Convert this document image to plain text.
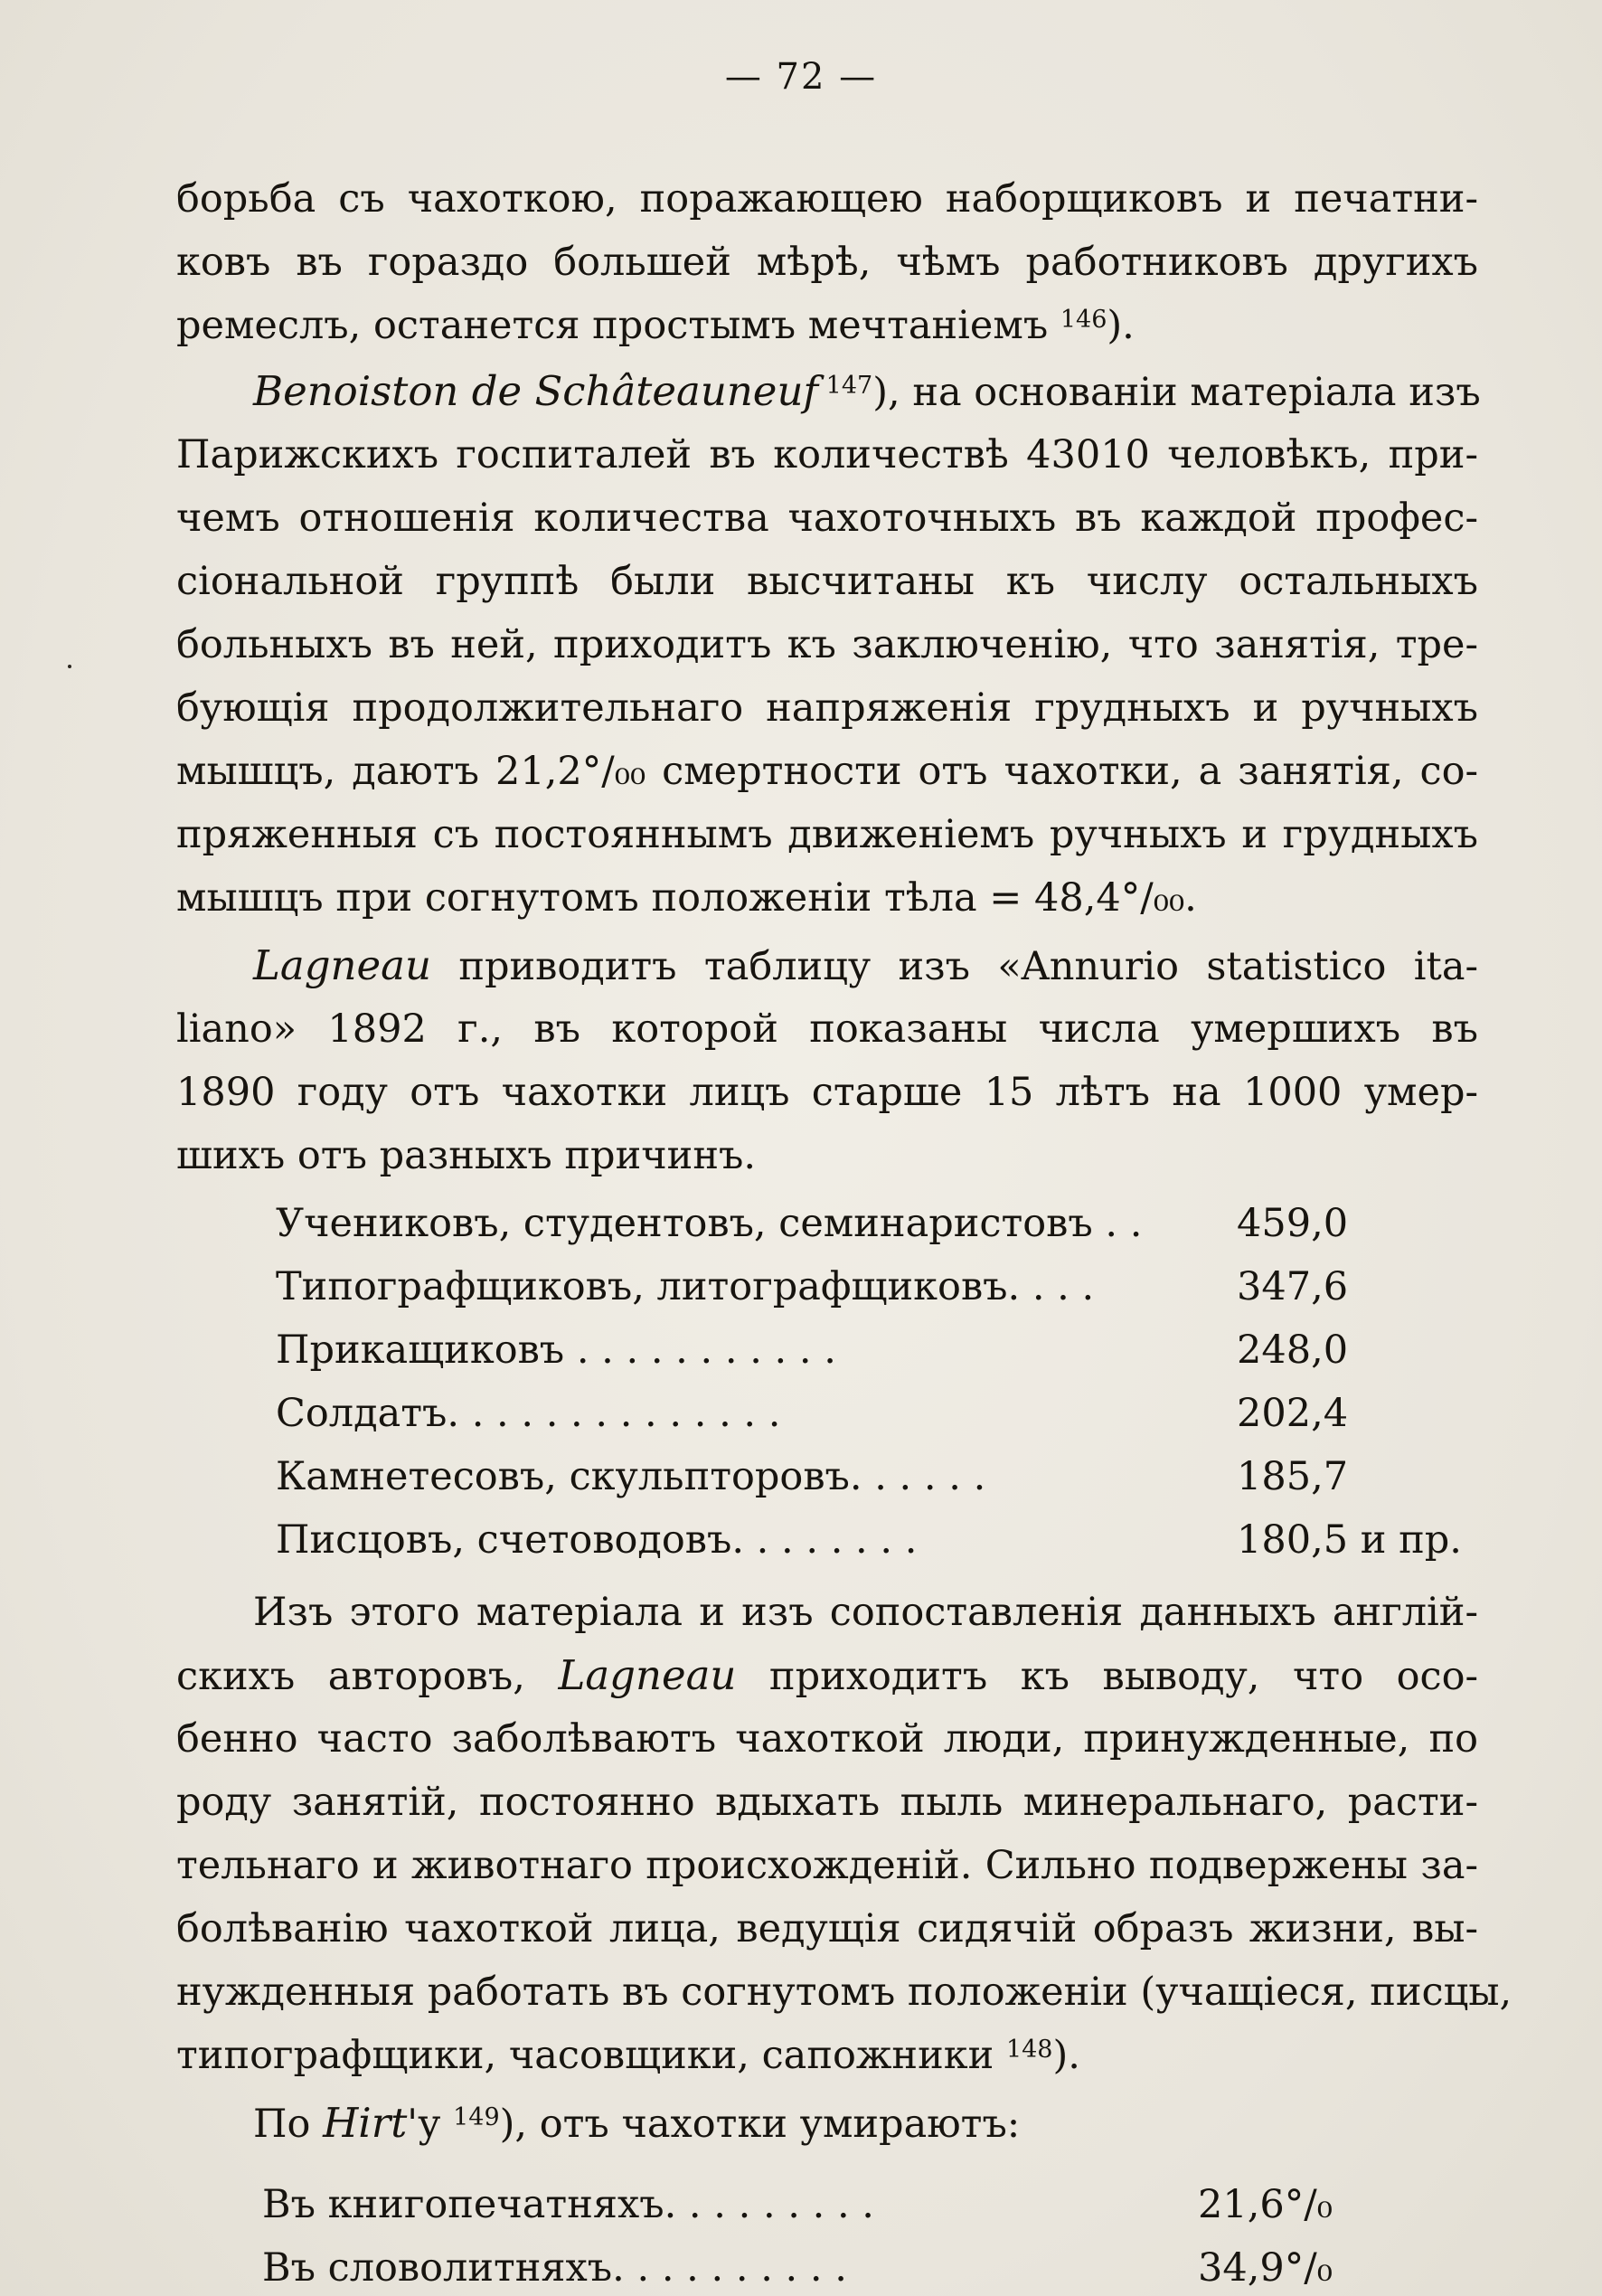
— 72 —
борьба съ чахоткою, поражающею наборщиковъ и печатни-
ковъ въ гораздо большей мѣрѣ, чѣмъ работниковъ другихъ
ремеслъ, останется простымъ мечтаніемъ $^{146}$).
Benoiston de Schâteauneuf $^{147}$), на основаніи матеріала изъ
Парижскихъ госпиталей въ количествѣ 43010 человѣкъ, при-
чемъ отношенія количества чахоточныхъ въ каждой профес-
сіональной группѣ были высчитаны къ числу остальныхъ
больныхъ въ ней, приходитъ къ заключенію, что занятія, тре-
бующія продолжительнаго напряженія грудныхъ и ручныхъ
мышцъ, даютъ 21,2°/₀₀ смертности отъ чахотки, а занятія, со-
пряженныя съ постояннымъ движеніемъ ручныхъ и грудныхъ
мышцъ при согнутомъ положеніи тѣла = 48,4°/₀₀.
Lagneau приводитъ таблицу изъ «Annurio statistico ita-
liano» 1892 г., въ которой показаны числа умершихъ въ
1890 году отъ чахотки лицъ старше 15 лѣтъ на 1000 умер-
шихъ отъ разныхъ причинъ.
Изъ этого матеріала и изъ сопоставленія данныхъ англій-
скихъ авторовъ, Lagneau приходитъ къ выводу, что осо-
бенно часто заболѣваютъ чахоткой люди, принужденные, по
роду занятій, постоянно вдыхать пыль минеральнаго, расти-
тельнаго и животнаго происхожденій. Сильно подвержены за-
болѣванію чахоткой лица, ведущія сидячій образъ жизни, вы-
нужденныя работать въ согнутомъ положеніи (учащіеся, писцы,
типографщики, часовщики, сапожники $^{148}$).
По Hirt'у $^{149}$), отъ чахотки умираютъ:
Учениковъ, студентовъ, семинаристовъ . . 459,0
Типографщиковъ, литографщиковъ. . . .	347,6
Прикащиковъ . . . . . . . . . . .	248,0
Солдатъ. . . . . . . . . . . . . .	202,4
Камнетесовъ, скульпторовъ. . . . . .	185,7
Писцовъ, счетоводовъ. . . . . . . .	180,5 и пр.
Въ книгопечатняхъ. . . . . . . . .	21,6°/₀
Въ словолитняхъ. . . . . . . . . .	34,9°/₀
